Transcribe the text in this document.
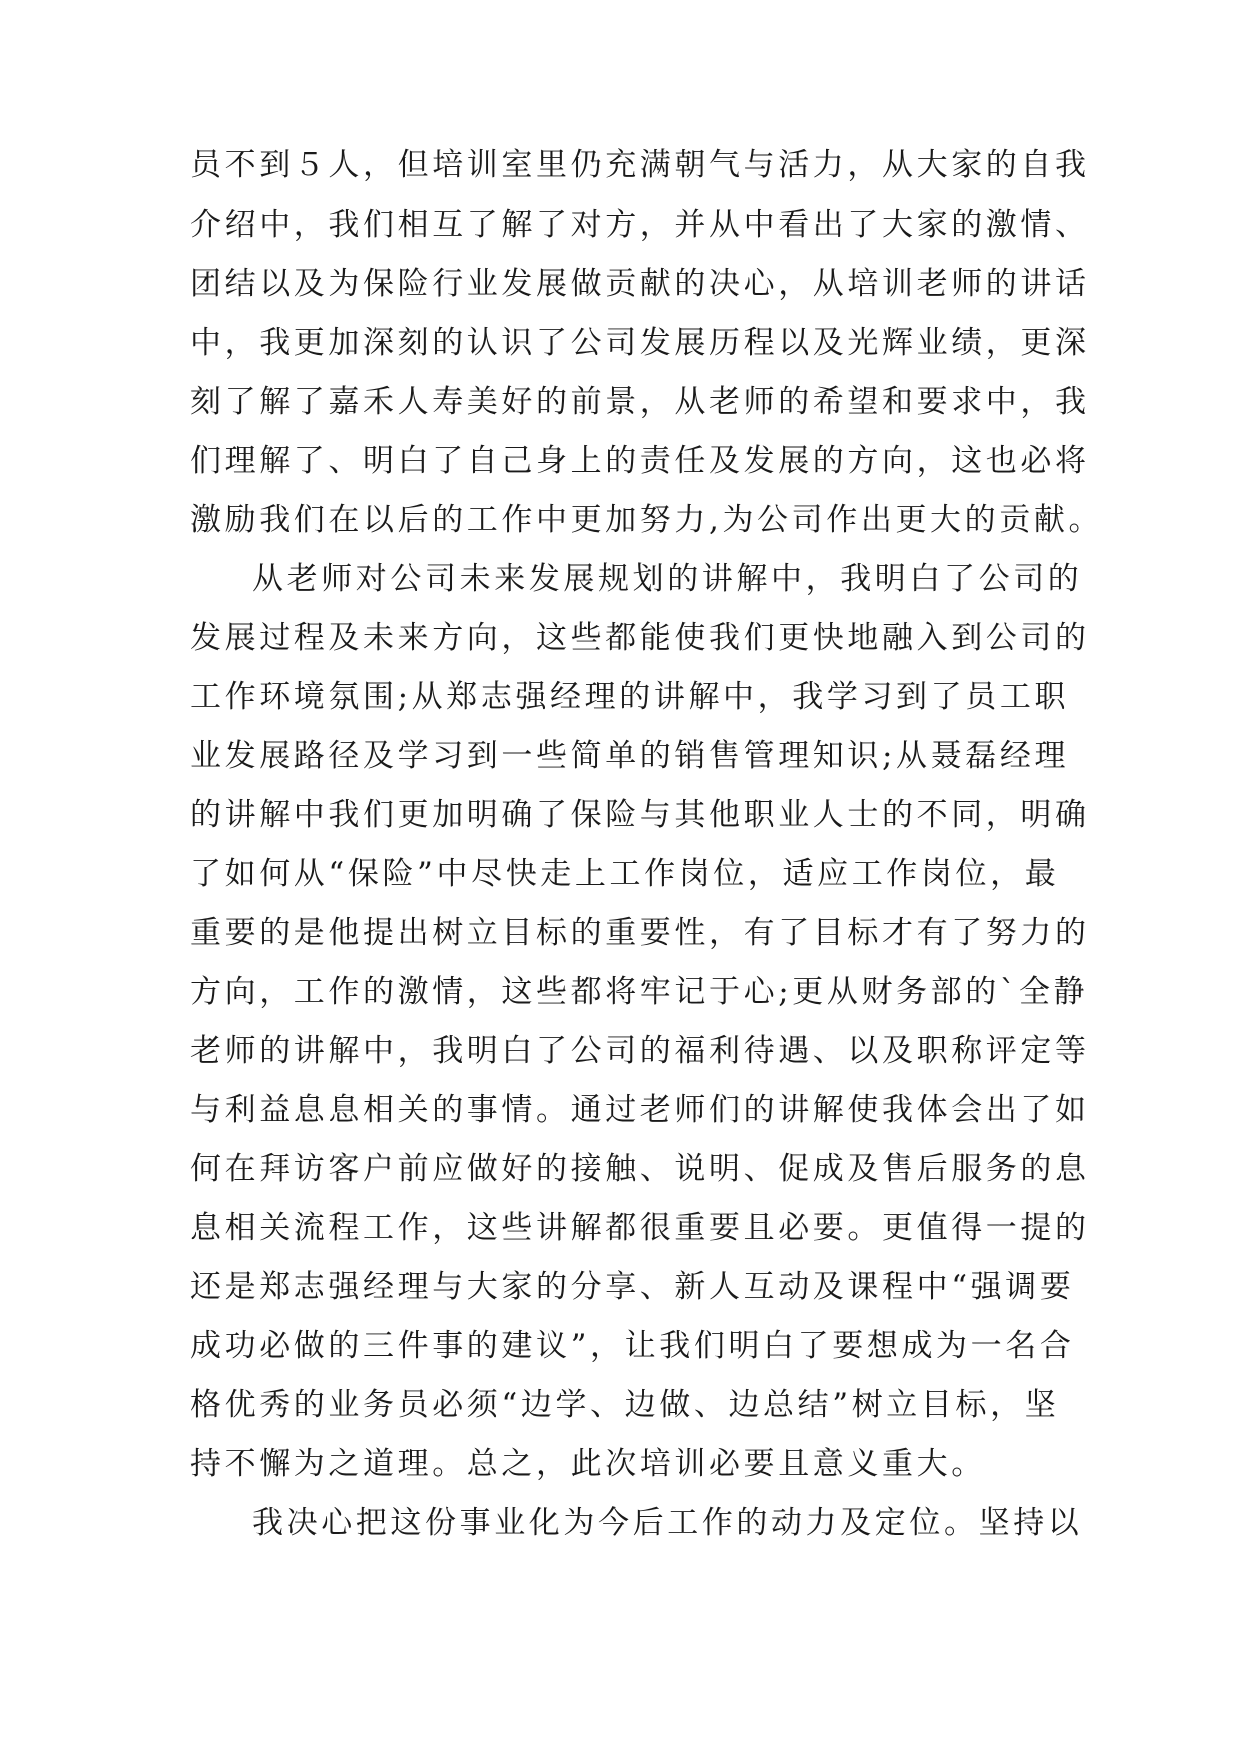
员不到５人，但培训室里仍充满朝气与活力，从大家的自我
介绍中，我们相互了解了对方，并从中看出了大家的激情、
团结以及为保险行业发展做贡献的决心，从培训老师的讲话
中，我更加深刻的认识了公司发展历程以及光辉业绩，更深
刻了解了嘉禾人寿美好的前景，从老师的希望和要求中，我
们理解了、明白了自己身上的责任及发展的方向，这也必将
激励我们在以后的工作中更加努力,为公司作出更大的贡献。
从老师对公司未来发展规划的讲解中，我明白了公司的
发展过程及未来方向，这些都能使我们更快地融入到公司的
工作环境氛围;从郑志强经理的讲解中，我学习到了员工职
业发展路径及学习到一些简单的销售管理知识;从聂磊经理
的讲解中我们更加明确了保险与其他职业人士的不同，明确
了如何从“保险”中尽快走上工作岗位，适应工作岗位，最
重要的是他提出树立目标的重要性，有了目标才有了努力的
方向，工作的激情，这些都将牢记于心;更从财务部的`全静
老师的讲解中，我明白了公司的福利待遇、以及职称评定等
与利益息息相关的事情。通过老师们的讲解使我体会出了如
何在拜访客户前应做好的接触、说明、促成及售后服务的息
息相关流程工作，这些讲解都很重要且必要。更值得一提的
还是郑志强经理与大家的分享、新人互动及课程中“强调要
成功必做的三件事的建议”，让我们明白了要想成为一名合
格优秀的业务员必须“边学、边做、边总结”树立目标，坚
持不懈为之道理。总之，此次培训必要且意义重大。
我决心把这份事业化为今后工作的动力及定位。坚持以
